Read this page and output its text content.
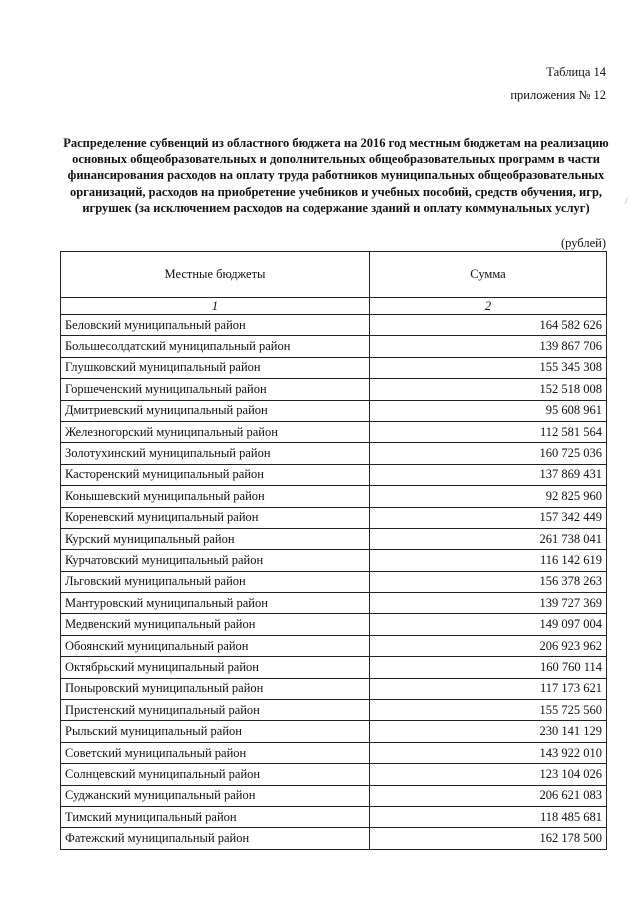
Таблица 14
приложения № 12
Распределение субвенций из областного бюджета на 2016 год местным бюджетам на реализацию основных общеобразовательных и дополнительных общеобразовательных программ в части финансирования расходов на оплату труда работников муниципальных общеобразовательных организаций, расходов на приобретение учебников и учебных пособий, средств обучения, игр, игрушек (за исключением расходов на содержание зданий и оплату коммунальных услуг)
(рублей)
Местные бюджеты	Сумма
1	2
Беловский муниципальный район	164 582 626
Большесолдатский муниципальный район	139 867 706
Глушковский муниципальный район	155 345 308
Горшеченский муниципальный район	152 518 008
Дмитриевский муниципальный район	95 608 961
Железногорский муниципальный район	112 581 564
Золотухинский муниципальный район	160 725 036
Касторенский муниципальный район	137 869 431
Конышевский муниципальный район	92 825 960
Кореневский муниципальный район	157 342 449
Курский муниципальный район	261 738 041
Курчатовский муниципальный район	116 142 619
Льговский муниципальный район	156 378 263
Мантуровский муниципальный район	139 727 369
Медвенский муниципальный район	149 097 004
Обоянский муниципальный район	206 923 962
Октябрьский муниципальный район	160 760 114
Поныровский муниципальный район	117 173 621
Пристенский муниципальный район	155 725 560
Рыльский муниципальный район	230 141 129
Советский муниципальный район	143 922 010
Солнцевский муниципальный район	123 104 026
Суджанский муниципальный район	206 621 083
Тимский муниципальный район	118 485 681
Фатежский муниципальный район	162 178 500
/
